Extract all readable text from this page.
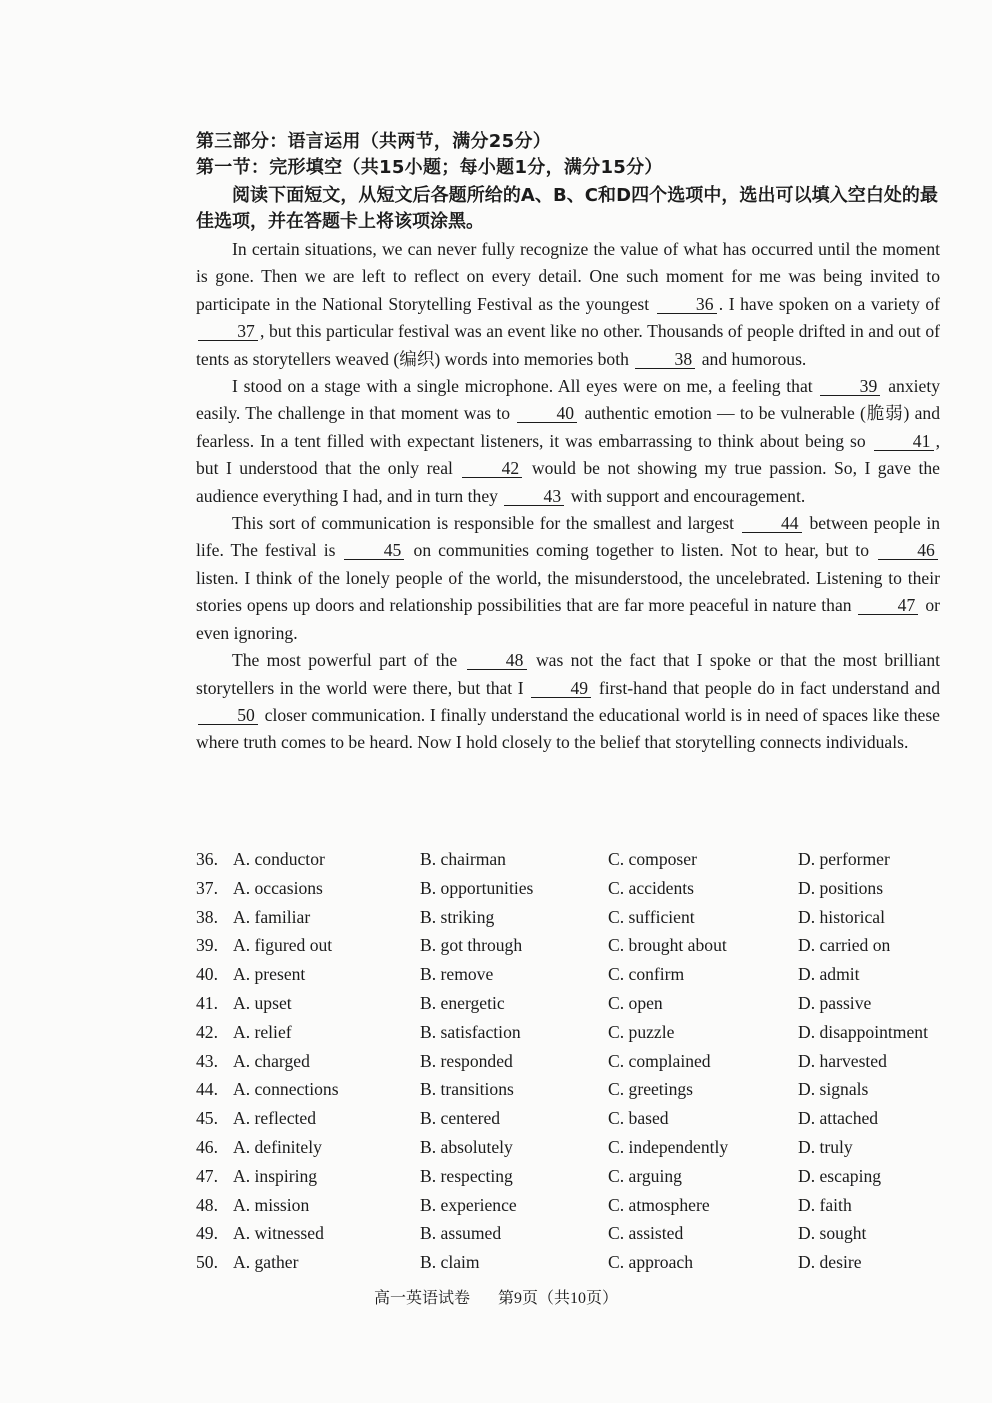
第三部分：语言运用（共两节，满分25分）
第一节：完形填空（共15小题；每小题1分，满分15分）
阅读下面短文，从短文后各题所给的A、B、C和D四个选项中，选出可以填入空白处的最佳选项，并在答题卡上将该项涂黑。

In certain situations, we can never fully recognize the value of what has occurred until the moment is gone. Then we are left to reflect on every detail. One such moment for me was being invited to participate in the National Storytelling Festival as the youngest	36 . I have spoken on a variety of 37 , but this particular festival was an event like no other. Thousands of people drifted in and out of tents as storytellers weaved (编织) words into memories both	38 and humorous.

I stood on a stage with a single microphone. All eyes were on me, a feeling that	39 anxiety easily. The challenge in that moment was to	40 authentic emotion — to be vulnerable (脆弱) and fearless. In a tent filled with expectant listeners, it was embarrassing to think about being so	41 , but I understood that the only real	42 would be not showing my true passion. So, I gave the audience everything I had, and in turn they	43 with support and encouragement.

This sort of communication is responsible for the smallest and largest	44 between people in life. The festival is	45 on communities coming together to listen. Not to hear, but to	46 listen. I think of the lonely people of the world, the misunderstood, the uncelebrated. Listening to their stories opens up doors and relationship possibilities that are far more peaceful in nature than	47 or even ignoring.

The most powerful part of the	48 was not the fact that I spoke or that the most brilliant storytellers in the world were there, but that I	49 first-hand that people do in fact understand and 50 closer communication. I finally understand the educational world is in need of spaces like these where truth comes to be heard. Now I hold closely to the belief that storytelling connects individuals.

36. A. conductor	B. chairman	C. composer	D. performer
37. A. occasions	B. opportunities	C. accidents	D. positions
38. A. familiar	B. striking	C. sufficient	D. historical
39. A. figured out	B. got through	C. brought about	D. carried on
40. A. present	B. remove	C. confirm	D. admit
41. A. upset	B. energetic	C. open	D. passive
42. A. relief	B. satisfaction	C. puzzle	D. disappointment
43. A. charged	B. responded	C. complained	D. harvested
44. A. connections	B. transitions	C. greetings	D. signals
45. A. reflected	B. centered	C. based	D. attached
46. A. definitely	B. absolutely	C. independently	D. truly
47. A. inspiring	B. respecting	C. arguing	D. escaping
48. A. mission	B. experience	C. atmosphere	D. faith
49. A. witnessed	B. assumed	C. assisted	D. sought
50. A. gather	B. claim	C. approach	D. desire
高一英语试卷 第9页（共10页）
